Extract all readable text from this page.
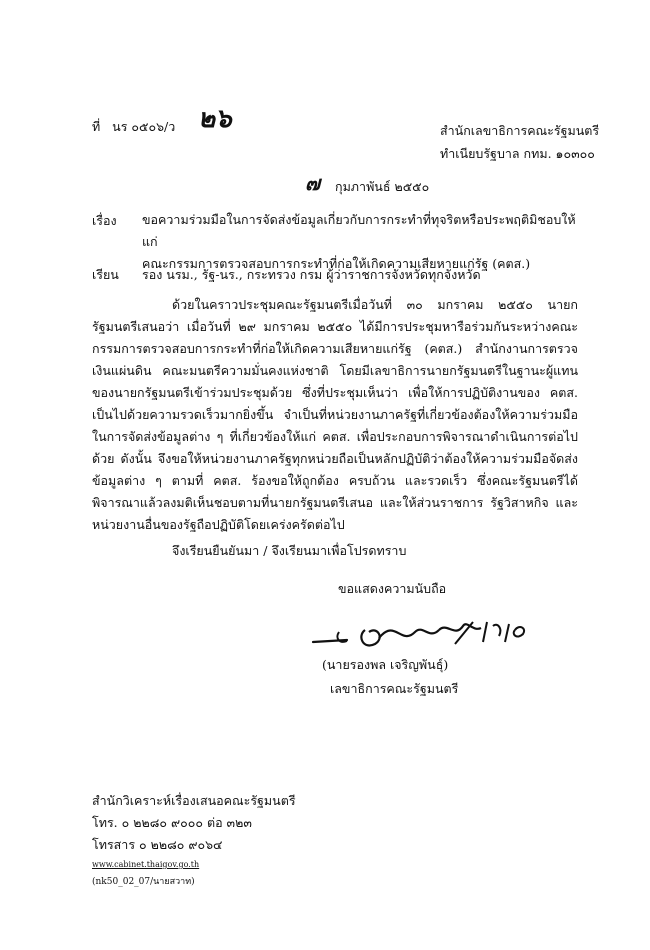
ที่ นร ๐๕๐๖/ว ๒๖	สำนักเลขาธิการคณะรัฐมนตรี
ทำเนียบรัฐบาล กทม. ๑๐๓๐๐
๗ กุมภาพันธ์ ๒๕๕๐
เรื่อง ขอความร่วมมือในการจัดส่งข้อมูลเกี่ยวกับการกระทำที่ทุจริตหรือประพฤติมิชอบให้แก่
คณะกรรมการตรวจสอบการกระทำที่ก่อให้เกิดความเสียหายแก่รัฐ (คตส.)
เรียน รอง นรม., รัฐ-นร., กระทรวง กรม ผู้ว่าราชการจังหวัดทุกจังหวัด
ด้วยในคราวประชุมคณะรัฐมนตรีเมื่อวันที่ ๓๐ มกราคม ๒๕๕๐ นายกรัฐมนตรีเสนอว่า เมื่อวันที่ ๒๙ มกราคม ๒๕๕๐ ได้มีการประชุมหารือร่วมกันระหว่างคณะกรรมการตรวจสอบการกระทำที่ก่อให้เกิดความเสียหายแก่รัฐ (คตส.) สำนักงานการตรวจเงินแผ่นดิน คณะมนตรีความมั่นคงแห่งชาติ โดยมีเลขาธิการนายกรัฐมนตรีในฐานะผู้แทนของนายกรัฐมนตรีเข้าร่วมประชุมด้วย ซึ่งที่ประชุมเห็นว่า เพื่อให้การปฏิบัติงานของ คตส. เป็นไปด้วยความรวดเร็วมากยิ่งขึ้น จำเป็นที่หน่วยงานภาครัฐที่เกี่ยวข้องต้องให้ความร่วมมือในการจัดส่งข้อมูลต่าง ๆ ที่เกี่ยวข้องให้แก่ คตส. เพื่อประกอบการพิจารณาดำเนินการต่อไปด้วย ดังนั้น จึงขอให้หน่วยงานภาครัฐทุกหน่วยถือเป็นหลักปฏิบัติว่าต้องให้ความร่วมมือจัดส่งข้อมูลต่าง ๆ ตามที่ คตส. ร้องขอให้ถูกต้อง ครบถ้วน และรวดเร็ว ซึ่งคณะรัฐมนตรีได้พิจารณาแล้วลงมติเห็นชอบตามที่นายกรัฐมนตรีเสนอ และให้ส่วนราชการ รัฐวิสาหกิจ และหน่วยงานอื่นของรัฐถือปฏิบัติโดยเคร่งครัดต่อไป
จึงเรียนยืนยันมา / จึงเรียนมาเพื่อโปรดทราบ
ขอแสดงความนับถือ
(นายรองพล เจริญพันธุ์)
เลขาธิการคณะรัฐมนตรี
สำนักวิเคราะห์เรื่องเสนอคณะรัฐมนตรี
โทร. ๐ ๒๒๘๐ ๙๐๐๐ ต่อ ๓๒๓
โทรสาร ๐ ๒๒๘๐ ๙๐๖๔
www.cabinet.thaigov.go.th
(nk50_02_07/นายสวาท)
